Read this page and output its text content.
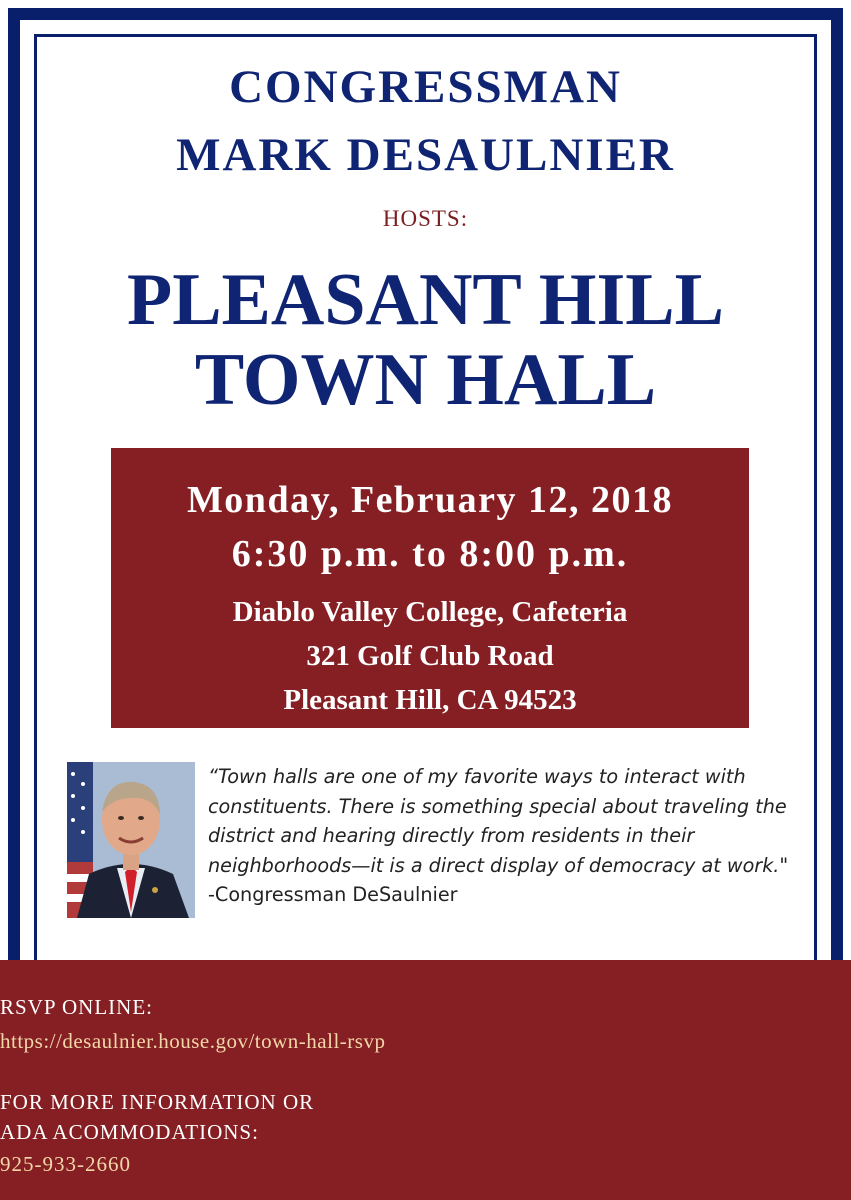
CONGRESSMAN
MARK DESAULNIER
HOSTS:
PLEASANT HILL
TOWN HALL
Monday, February 12, 2018
6:30 p.m. to 8:00 p.m.
Diablo Valley College, Cafeteria
321 Golf Club Road
Pleasant Hill, CA 94523
“Town halls are one of my favorite ways to interact with
constituents. There is something special about traveling the
district and hearing directly from residents in their
neighborhoods—it is a direct display of democracy at work."
-Congressman DeSaulnier
RSVP ONLINE:
https://desaulnier.house.gov/town-hall-rsvp
FOR MORE INFORMATION OR
ADA ACOMMODATIONS:
925-933-2660
